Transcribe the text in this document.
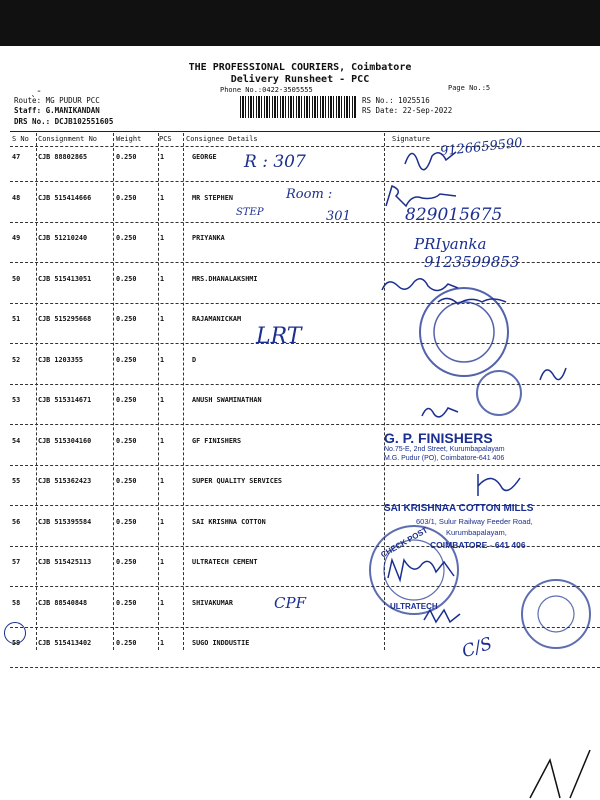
THE PROFESSIONAL COURIERS, Coimbatore
Delivery Runsheet - PCC
Phone No.:0422-3505555	Page No.:5
ˎ‑
Route: MG PUDUR PCC
Staff: G.MANIKANDAN
DRS No.: DCJB102551605
RS No.: 1025516
RS Date: 22-Sep-2022
S No Consignment No	Weight	PCS Consignee Details	Signature
47	CJB 88802865	0.250	1	GEORGE
48	CJB 515414666	0.250	1	MR STEPHEN
49	CJB 51210240	0.250	1	PRIYANKA
50	CJB 515413051	0.250	1	MRS.DHANALAKSHMI
51	CJB 515295668	0.250	1	RAJAMANICKAM
52	CJB 1203355	0.250	1	D
53	CJB 515314671	0.250	1	ANUSH SWAMINATHAN
54	CJB 515304160	0.250	1	GF FINISHERS
55	CJB 515362423	0.250	1	SUPER QUALITY SERVICES
56	CJB 515395584	0.250	1	SAI KRISHNA COTTON
57	CJB 515425113	0.250	1	ULTRATECH CEMENT
58	CJB 88540848	0.250	1	SHIVAKUMAR
59	CJB 515413402	0.250	1	SUGO INDDUSTIE
R : 307
9126659590
Room :
STEP	301	829015675
PRIyanka
9123599853
LRT
CPF
C/S
G. P. FINISHERS
No.75-E, 2nd Street, Kurumbapalayam
M.G. Pudur (PO), Coimbatore-641 406
SAI KRISHNAA COTTON MILLS
603/1, Sulur Railway Feeder Road,
Kurumbapalayam,
COIMBATORE - 641 406
CHECK POST
ULTRATECH
